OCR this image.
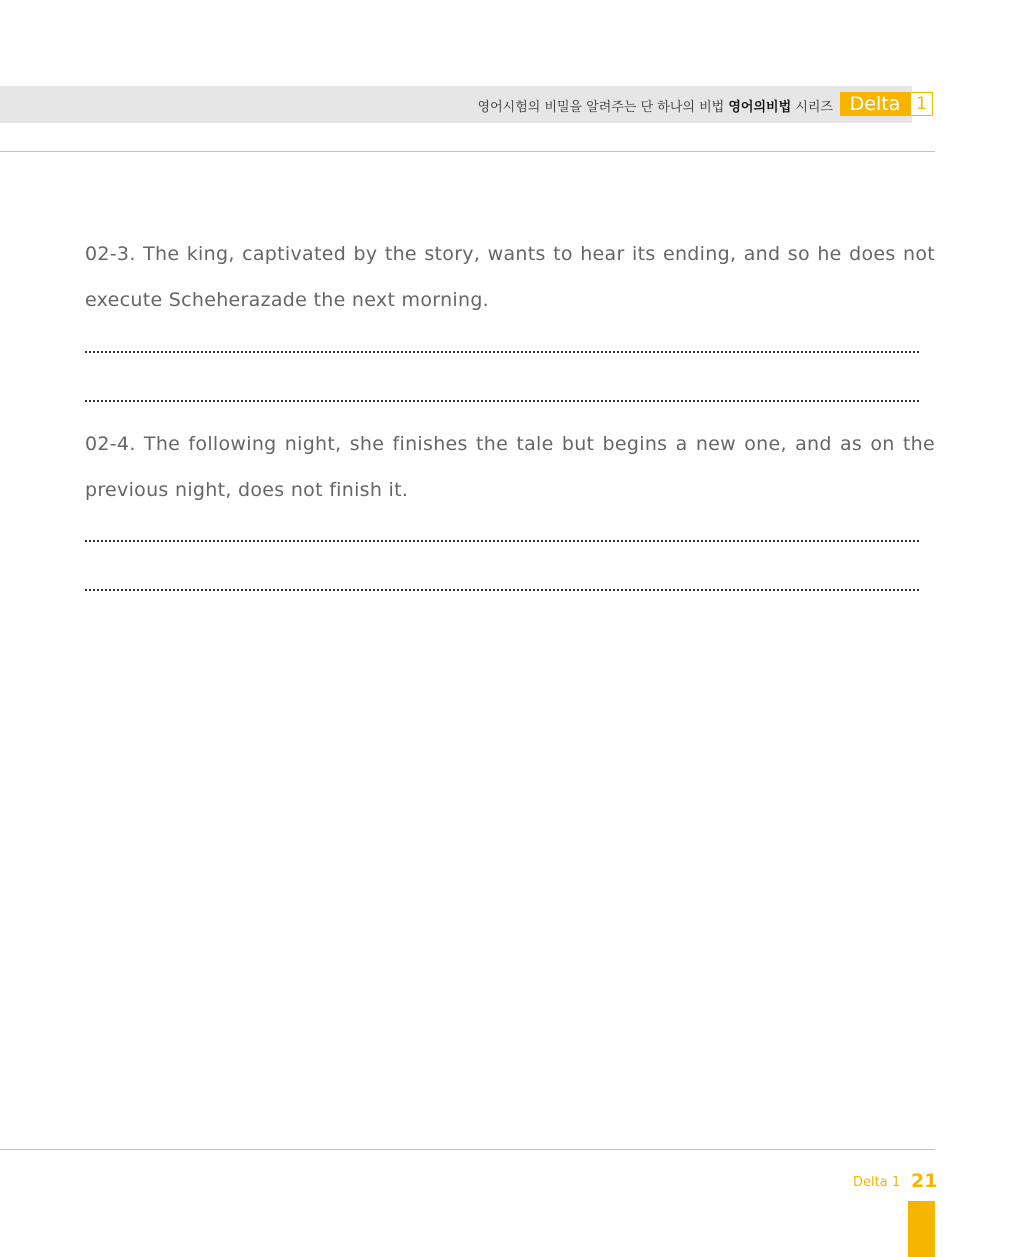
영어시험의 비밀을 알려주는 단 하나의 비법 영어의비법 시리즈 Delta 1
02-3. The king, captivated by the story, wants to hear its ending, and so he does not execute Scheherazade the next morning.
02-4. The following night, she finishes the tale but begins a new one, and as on the previous night, does not finish it.
Delta 1 21
